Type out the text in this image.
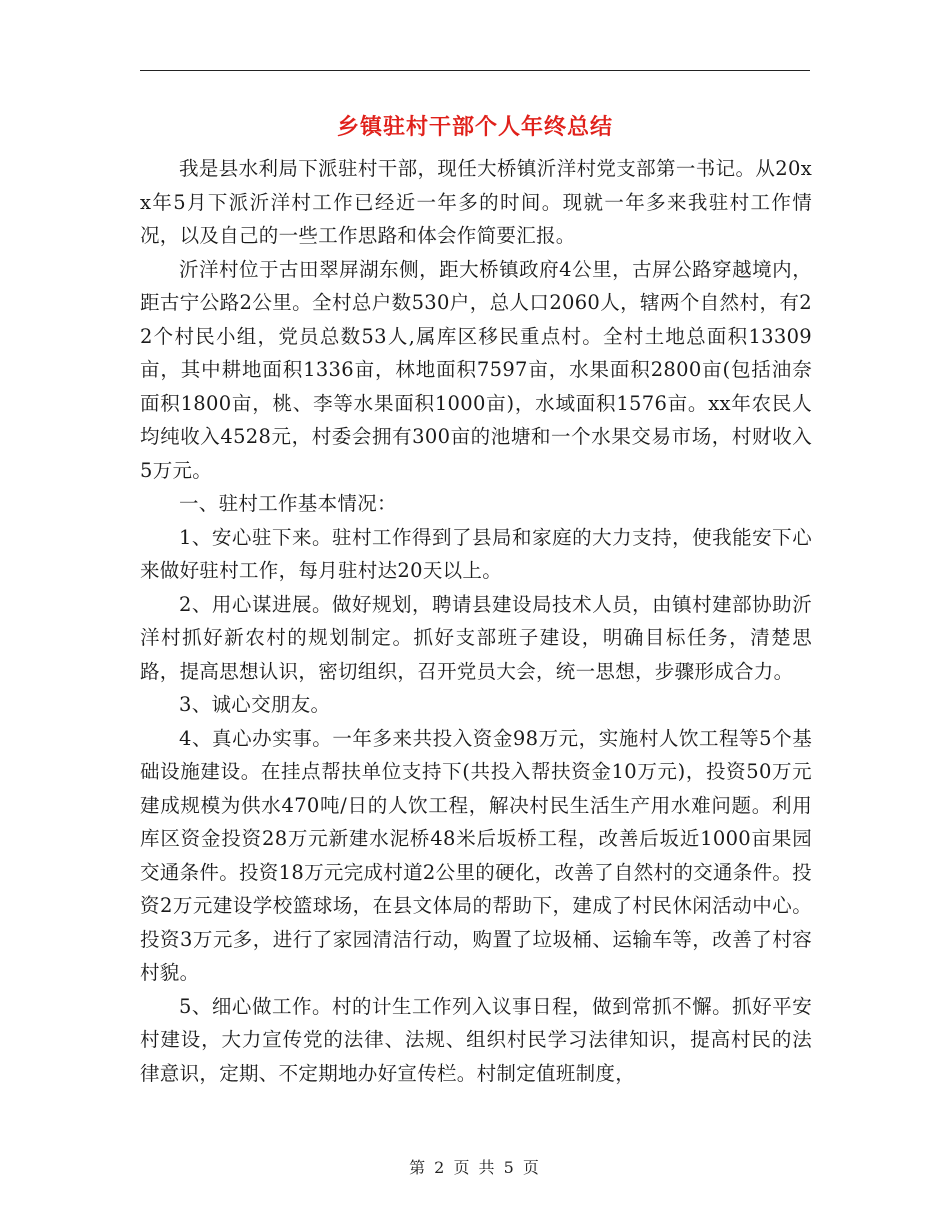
乡镇驻村干部个人年终总结

我是县水利局下派驻村干部，现任大桥镇沂洋村党支部第一书记。从20xx年5月下派沂洋村工作已经近一年多的时间。现就一年多来我驻村工作情况，以及自己的一些工作思路和体会作简要汇报。

沂洋村位于古田翠屏湖东侧，距大桥镇政府4公里，古屏公路穿越境内，距古宁公路2公里。全村总户数530户，总人口2060人，辖两个自然村，有22个村民小组，党员总数53人,属库区移民重点村。全村土地总面积13309亩，其中耕地面积1336亩，林地面积7597亩，水果面积2800亩(包括油奈面积1800亩，桃、李等水果面积1000亩)，水域面积1576亩。xx年农民人均纯收入4528元，村委会拥有300亩的池塘和一个水果交易市场，村财收入5万元。

一、驻村工作基本情况：

1、安心驻下来。驻村工作得到了县局和家庭的大力支持，使我能安下心来做好驻村工作，每月驻村达20天以上。

2、用心谋进展。做好规划，聘请县建设局技术人员，由镇村建部协助沂洋村抓好新农村的规划制定。抓好支部班子建设，明确目标任务，清楚思路，提高思想认识，密切组织，召开党员大会，统一思想，步骤形成合力。

3、诚心交朋友。

4、真心办实事。一年多来共投入资金98万元，实施村人饮工程等5个基础设施建设。在挂点帮扶单位支持下(共投入帮扶资金10万元)，投资50万元建成规模为供水470吨/日的人饮工程，解决村民生活生产用水难问题。利用库区资金投资28万元新建水泥桥48米后坂桥工程，改善后坂近1000亩果园交通条件。投资18万元完成村道2公里的硬化，改善了自然村的交通条件。投资2万元建设学校篮球场，在县文体局的帮助下，建成了村民休闲活动中心。投资3万元多，进行了家园清洁行动，购置了垃圾桶、运输车等，改善了村容村貌。

5、细心做工作。村的计生工作列入议事日程，做到常抓不懈。抓好平安村建设，大力宣传党的法律、法规、组织村民学习法律知识，提高村民的法律意识，定期、不定期地办好宣传栏。村制定值班制度，

第 2 页 共 5 页
